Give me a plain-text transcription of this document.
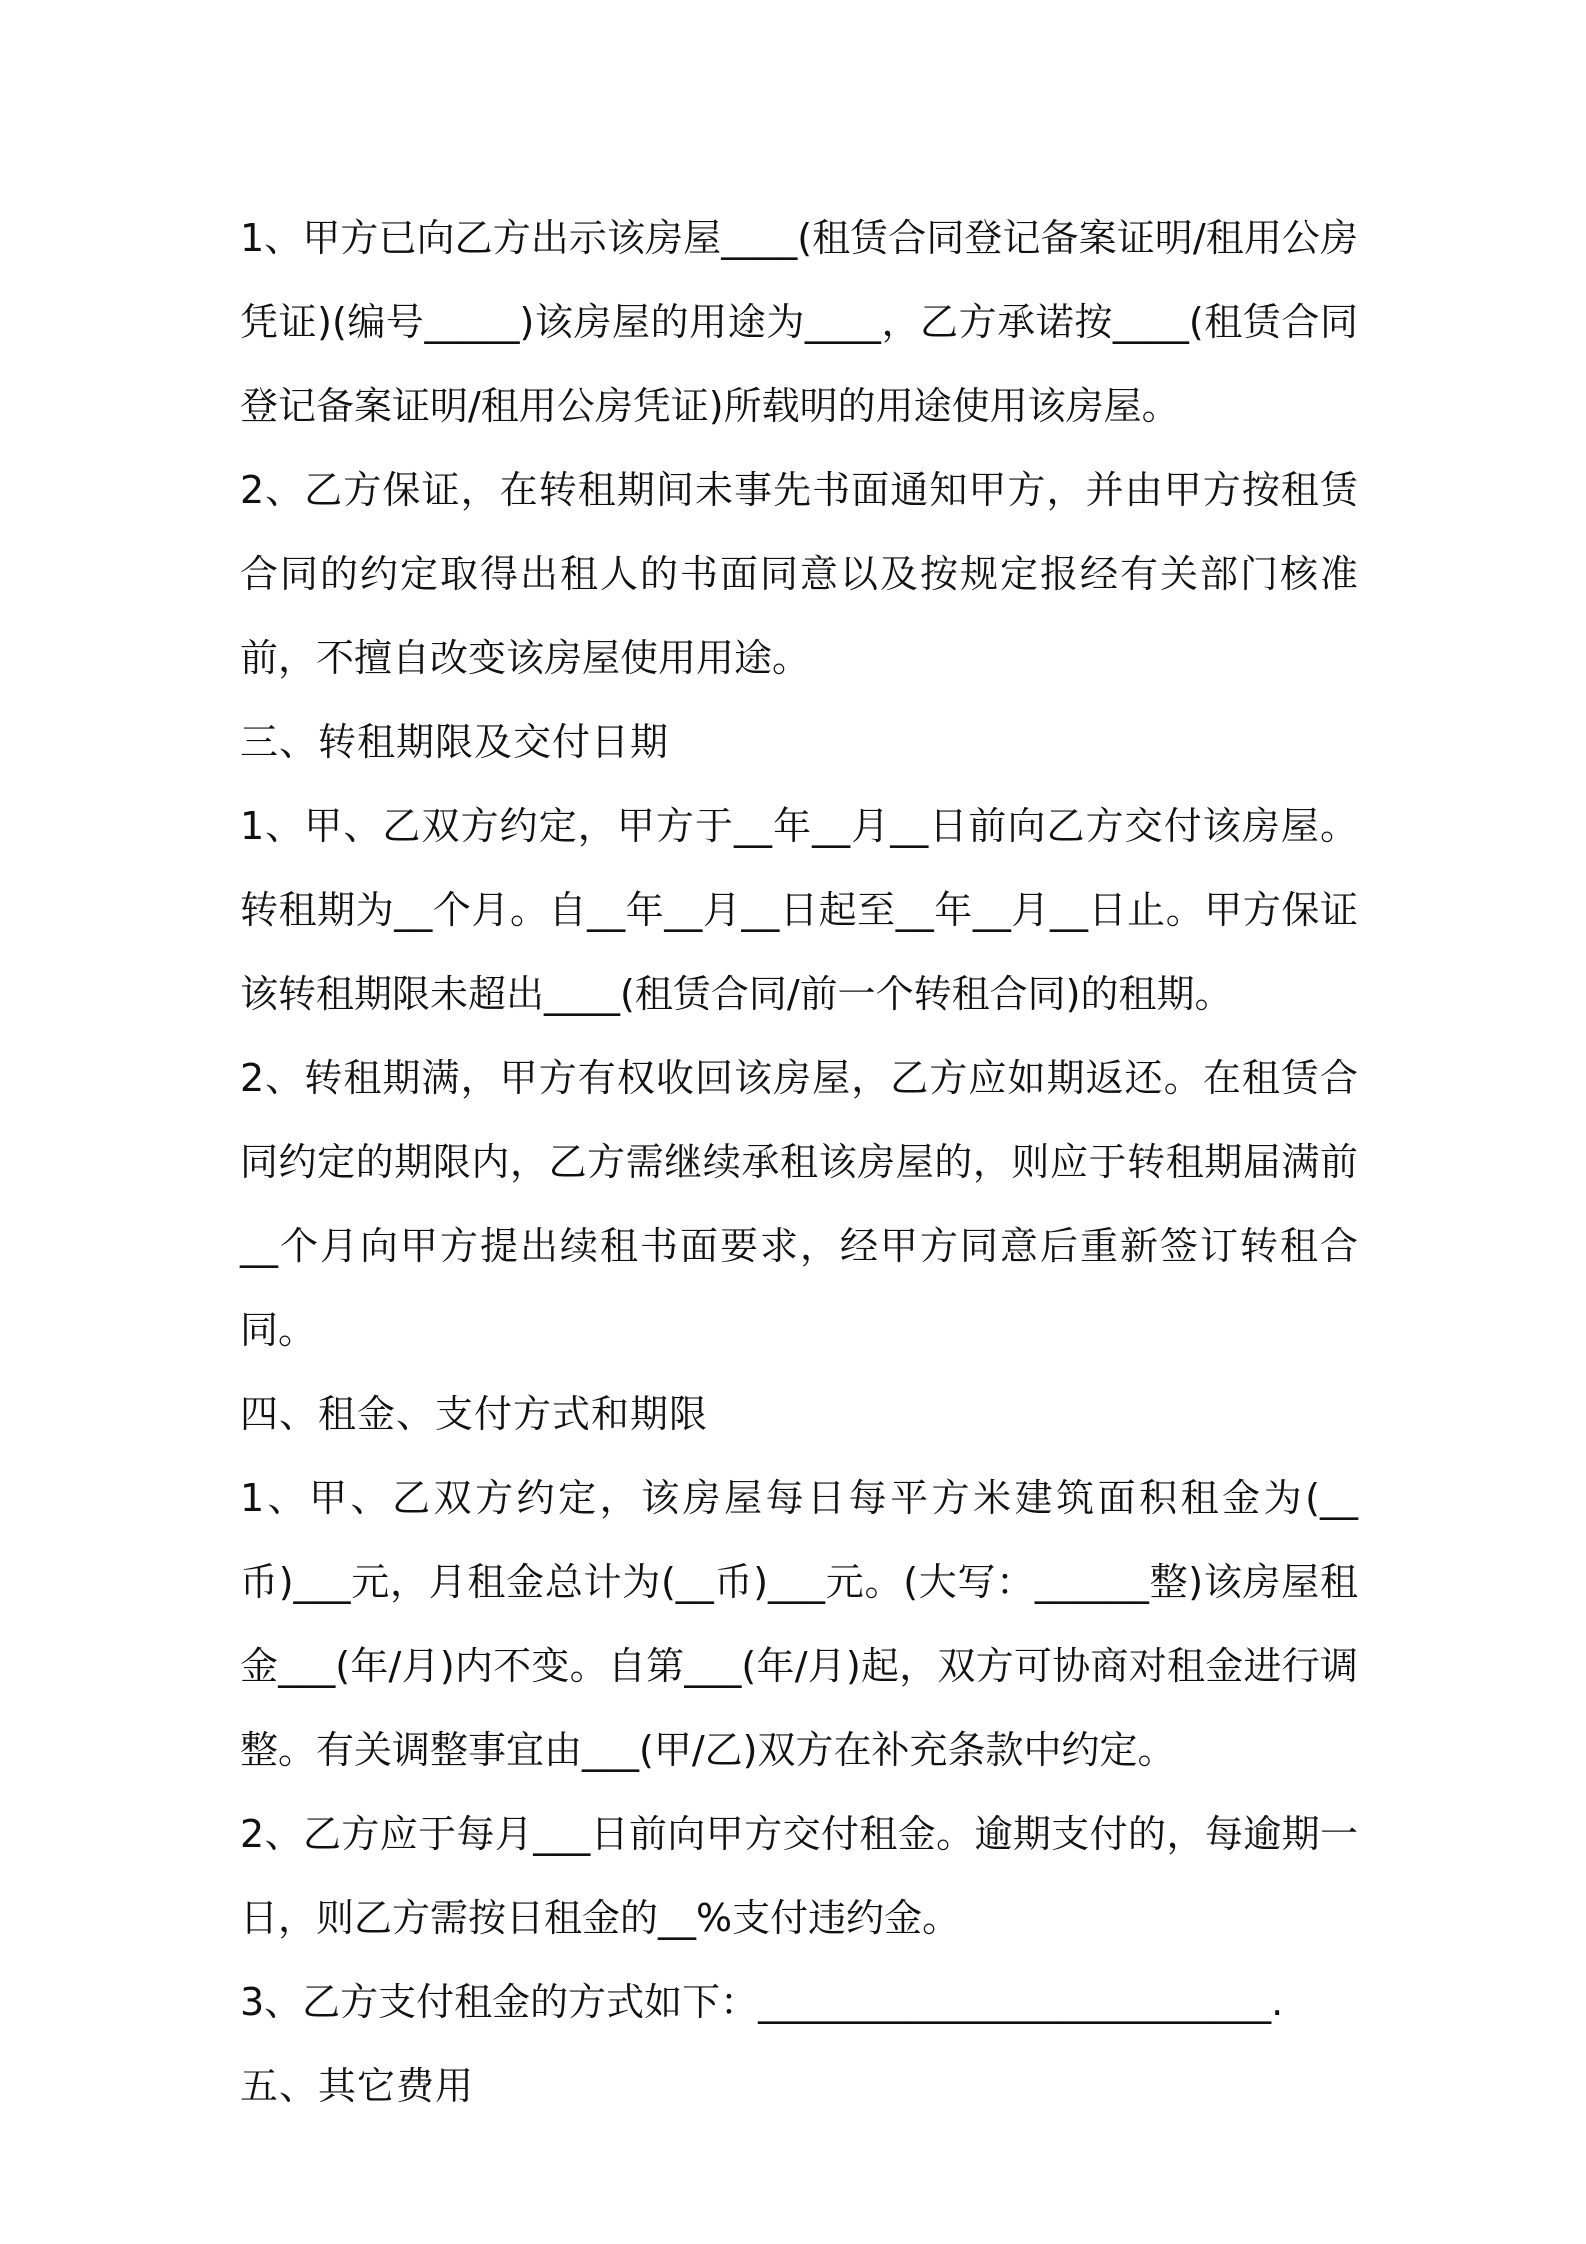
1、甲方已向乙方出示该房屋____(租赁合同登记备案证明/租用公房凭证)(编号_____)该房屋的用途为____，乙方承诺按____(租赁合同登记备案证明/租用公房凭证)所载明的用途使用该房屋。

2、乙方保证，在转租期间未事先书面通知甲方，并由甲方按租赁合同的约定取得出租人的书面同意以及按规定报经有关部门核准前，不擅自改变该房屋使用用途。

三、转租期限及交付日期

1、甲、乙双方约定，甲方于__年__月__日前向乙方交付该房屋。转租期为__个月。自__年__月__日起至__年__月__日止。甲方保证该转租期限未超出____(租赁合同/前一个转租合同)的租期。

2、转租期满，甲方有权收回该房屋，乙方应如期返还。在租赁合同约定的期限内，乙方需继续承租该房屋的，则应于转租期届满前__个月向甲方提出续租书面要求，经甲方同意后重新签订转租合同。

四、租金、支付方式和期限

1、甲、乙双方约定，该房屋每日每平方米建筑面积租金为(__币)___元，月租金总计为(__币)___元。(大写：______整)该房屋租金___(年/月)内不变。自第___(年/月)起，双方可协商对租金进行调整。有关调整事宜由___(甲/乙)双方在补充条款中约定。

2、乙方应于每月___日前向甲方交付租金。逾期支付的，每逾期一日，则乙方需按日租金的__%支付违约金。

3、乙方支付租金的方式如下：___________________________.

五、其它费用
